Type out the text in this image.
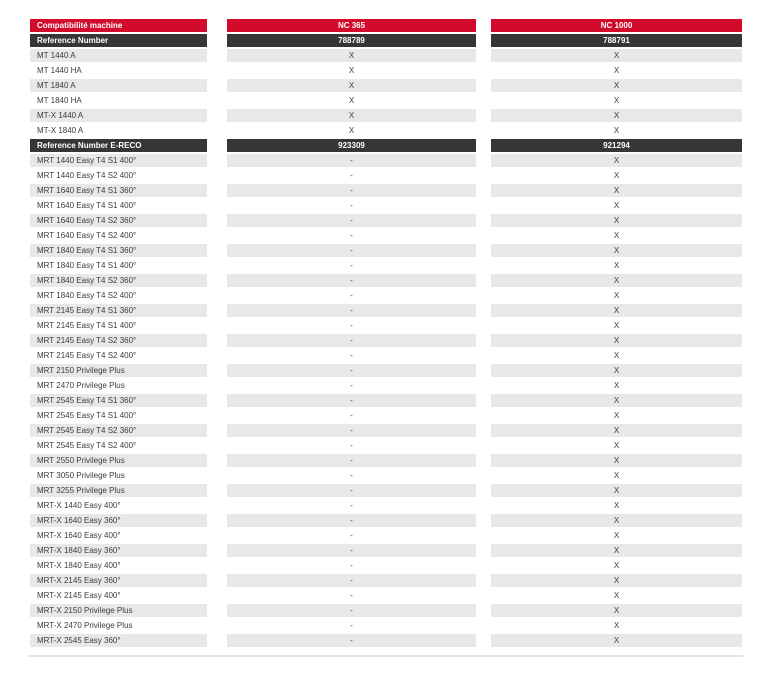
Compatibilité machine	NC 365	NC 1000
Reference Number	788789	788791
MT 1440 A	X	X
MT 1440 HA	X	X
MT 1840 A	X	X
MT 1840 HA	X	X
MT-X 1440 A	X	X
MT-X 1840 A	X	X
Reference Number E-RECO	923309	921294
MRT 1440 Easy T4 S1 400°	-	X
MRT 1440 Easy T4 S2 400°	-	X
MRT 1640 Easy T4 S1 360°	-	X
MRT 1640 Easy T4 S1 400°	-	X
MRT 1640 Easy T4 S2 360°	-	X
MRT 1640 Easy T4 S2 400°	-	X
MRT 1840 Easy T4 S1 360°	-	X
MRT 1840 Easy T4 S1 400°	-	X
MRT 1840 Easy T4 S2 360°	-	X
MRT 1840 Easy T4 S2 400°	-	X
MRT 2145 Easy T4 S1 360°	-	X
MRT 2145 Easy T4 S1 400°	-	X
MRT 2145 Easy T4 S2 360°	-	X
MRT 2145 Easy T4 S2 400°	-	X
MRT 2150 Privilege Plus	-	X
MRT 2470 Privilege Plus	-	X
MRT 2545 Easy T4 S1 360°	-	X
MRT 2545 Easy T4 S1 400°	-	X
MRT 2545 Easy T4 S2 360°	-	X
MRT 2545 Easy T4 S2 400°	-	X
MRT 2550 Privilege Plus	-	X
MRT 3050 Privilege Plus	-	X
MRT 3255 Privilege Plus	-	X
MRT-X 1440 Easy 400°	-	X
MRT-X 1640 Easy 360°	-	X
MRT-X 1640 Easy 400°	-	X
MRT-X 1840 Easy 360°	-	X
MRT-X 1840 Easy 400°	-	X
MRT-X 2145 Easy 360°	-	X
MRT-X 2145 Easy 400°	-	X
MRT-X 2150 Privilege Plus	-	X
MRT-X 2470 Privilege Plus	-	X
MRT-X 2545 Easy 360°	-	X
